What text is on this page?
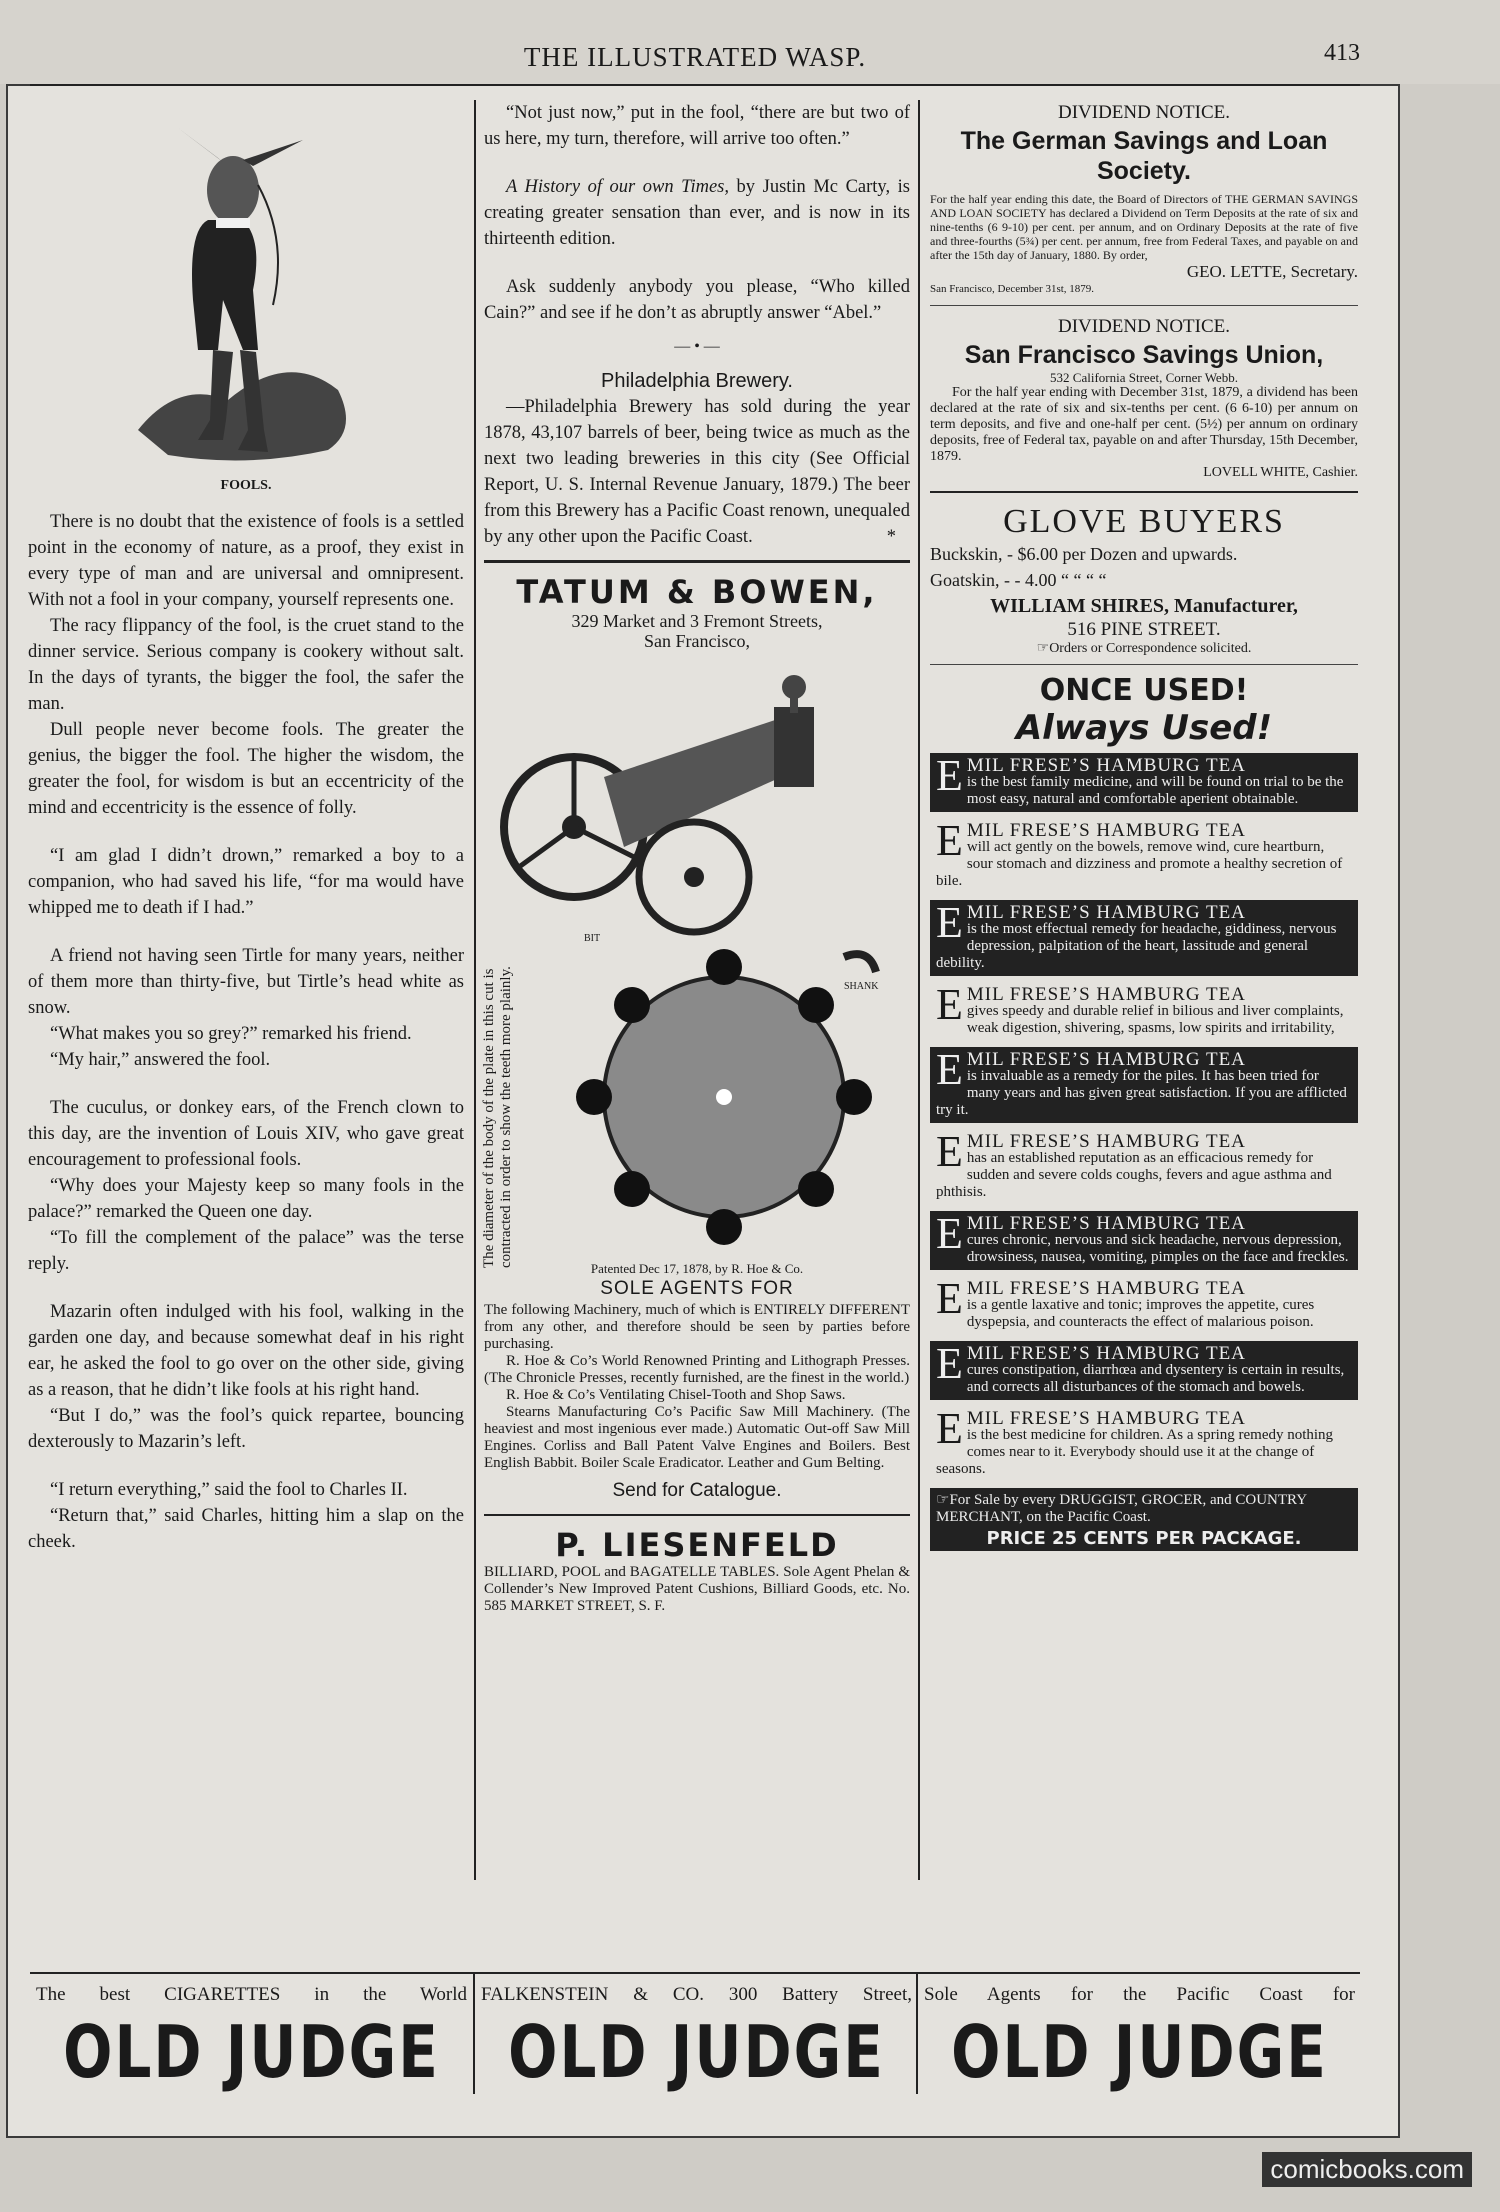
THE ILLUSTRATED WASP.	413

FOOLS.

There is no doubt that the existence of fools is a settled point in the economy of nature, as a proof, they exist in every type of man and are universal and omnipresent. With not a fool in your company, yourself represents one.

The racy flippancy of the fool, is the cruet stand to the dinner service. Serious company is cookery without salt. In the days of tyrants, the bigger the fool, the safer the man.

Dull people never become fools. The greater the genius, the bigger the fool. The higher the wisdom, the greater the fool, for wisdom is but an eccentricity of the mind and eccentricity is the essence of folly.

“I am glad I didn’t drown,” remarked a boy to a companion, who had saved his life, “for ma would have whipped me to death if I had.”

A friend not having seen Tirtle for many years, neither of them more than thirty-five, but Tirtle’s head white as snow.

“What makes you so grey?” remarked his friend.

“My hair,” answered the fool.

The cuculus, or donkey ears, of the French clown to this day, are the invention of Louis XIV, who gave great encouragement to professional fools.

“Why does your Majesty keep so many fools in the palace?” remarked the Queen one day.

“To fill the complement of the palace” was the terse reply.

Mazarin often indulged with his fool, walking in the garden one day, and because somewhat deaf in his right ear, he asked the fool to go over on the other side, giving as a reason, that he didn’t like fools at his right hand.

“But I do,” was the fool’s quick repartee, bouncing dexterously to Mazarin’s left.

“I return everything,” said the fool to Charles II.

“Return that,” said Charles, hitting him a slap on the cheek.

“Not just now,” put in the fool, “there are but two of us here, my turn, therefore, will arrive too often.”

A History of our own Times, by Justin Mc Carty, is creating greater sensation than ever, and is now in its thirteenth edition.

Ask suddenly anybody you please, “Who killed Cain?” and see if he don’t as abruptly answer “Abel.”

— • —

Philadelphia Brewery.

—Philadelphia Brewery has sold during the year 1878, 43,107 barrels of beer, being twice as much as the next two leading breweries in this city (See Official Report, U. S. Internal Revenue January, 1879.) The beer from this Brewery has a Pacific Coast renown, unequaled by any other upon the Pacific Coast.	*

TATUM & BOWEN,

329 Market and 3 Fremont Streets,

San Francisco,

BIT
SHANK
The diameter of the body of the plate in this cut is contracted in order to show the teeth more plainly.

Patented Dec 17, 1878, by R. Hoe & Co.

SOLE AGENTS FOR

The following Machinery, much of which is ENTIRELY DIFFERENT from any other, and therefore should be seen by parties before purchasing.

R. Hoe & Co’s World Renowned Printing and Lithograph Presses. (The Chronicle Presses, recently furnished, are the finest in the world.)

R. Hoe & Co’s Ventilating Chisel-Tooth and Shop Saws.

Stearns Manufacturing Co’s Pacific Saw Mill Machinery. (The heaviest and most ingenious ever made.) Automatic Out-off Saw Mill Engines. Corliss and Ball Patent Valve Engines and Boilers. Best English Babbit. Boiler Scale Eradicator. Leather and Gum Belting.

Send for Catalogue.

P. LIESENFELD

BILLIARD, POOL and BAGATELLE TABLES. Sole Agent Phelan & Collender’s New Improved Patent Cushions, Billiard Goods, etc. No. 585 MARKET STREET, S. F.

DIVIDEND NOTICE.

The German Savings and Loan Society.

For the half year ending this date, the Board of Directors of THE GERMAN SAVINGS AND LOAN SOCIETY has declared a Dividend on Term Deposits at the rate of six and nine-tenths (6 9-10) per cent. per annum, and on Ordinary Deposits at the rate of five and three-fourths (5¾) per cent. per annum, free from Federal Taxes, and payable on and after the 15th day of January, 1880. By order,

GEO. LETTE, Secretary.

San Francisco, December 31st, 1879.

DIVIDEND NOTICE.

San Francisco Savings Union,

532 California Street, Corner Webb.

For the half year ending with December 31st, 1879, a dividend has been declared at the rate of six and six-tenths per cent. (6 6-10) per annum on term deposits, and five and one-half per cent. (5½) per annum on ordinary deposits, free of Federal tax, payable on and after Thursday, 15th December, 1879.

LOVELL WHITE, Cashier.

GLOVE BUYERS

Buckskin, - $6.00 per Dozen and upwards.

Goatskin, - - 4.00 “ “ “ “

WILLIAM SHIRES, Manufacturer,

516 PINE STREET.

☞Orders or Correspondence solicited.

ONCE USED!

Always Used!

E MIL FRESE’S HAMBURG TEA
is the best family medicine, and will be found on trial to be the most easy, natural and comfortable aperient obtainable.
E MIL FRESE’S HAMBURG TEA
will act gently on the bowels, remove wind, cure heartburn, sour stomach and dizziness and promote a healthy secretion of bile.
E MIL FRESE’S HAMBURG TEA
is the most effectual remedy for headache, giddiness, nervous depression, palpitation of the heart, lassitude and general debility.
E MIL FRESE’S HAMBURG TEA
gives speedy and durable relief in bilious and liver complaints, weak digestion, shivering, spasms, low spirits and irritability,
E MIL FRESE’S HAMBURG TEA
is invaluable as a remedy for the piles. It has been tried for many years and has given great satisfaction. If you are afflicted try it.
E MIL FRESE’S HAMBURG TEA
has an established reputation as an efficacious remedy for sudden and severe colds coughs, fevers and ague asthma and phthisis.
E MIL FRESE’S HAMBURG TEA
cures chronic, nervous and sick headache, nervous depression, drowsiness, nausea, vomiting, pimples on the face and freckles.
E MIL FRESE’S HAMBURG TEA
is a gentle laxative and tonic; improves the appetite, cures dyspepsia, and counteracts the effect of malarious poison.
E MIL FRESE’S HAMBURG TEA
cures constipation, diarrhœa and dysentery is certain in results, and corrects all disturbances of the stomach and bowels.
E MIL FRESE’S HAMBURG TEA
is the best medicine for children. As a spring remedy nothing comes near to it. Everybody should use it at the change of seasons.
☞For Sale by every DRUGGIST, GROCER, and COUNTRY MERCHANT, on the Pacific Coast.
PRICE 25 CENTS PER PACKAGE.
The best CIGARETTES in the World
OLD JUDGE
FALKENSTEIN & CO. 300 Battery Street,
OLD JUDGE
Sole Agents for the Pacific Coast for
OLD JUDGE
comicbooks.com
